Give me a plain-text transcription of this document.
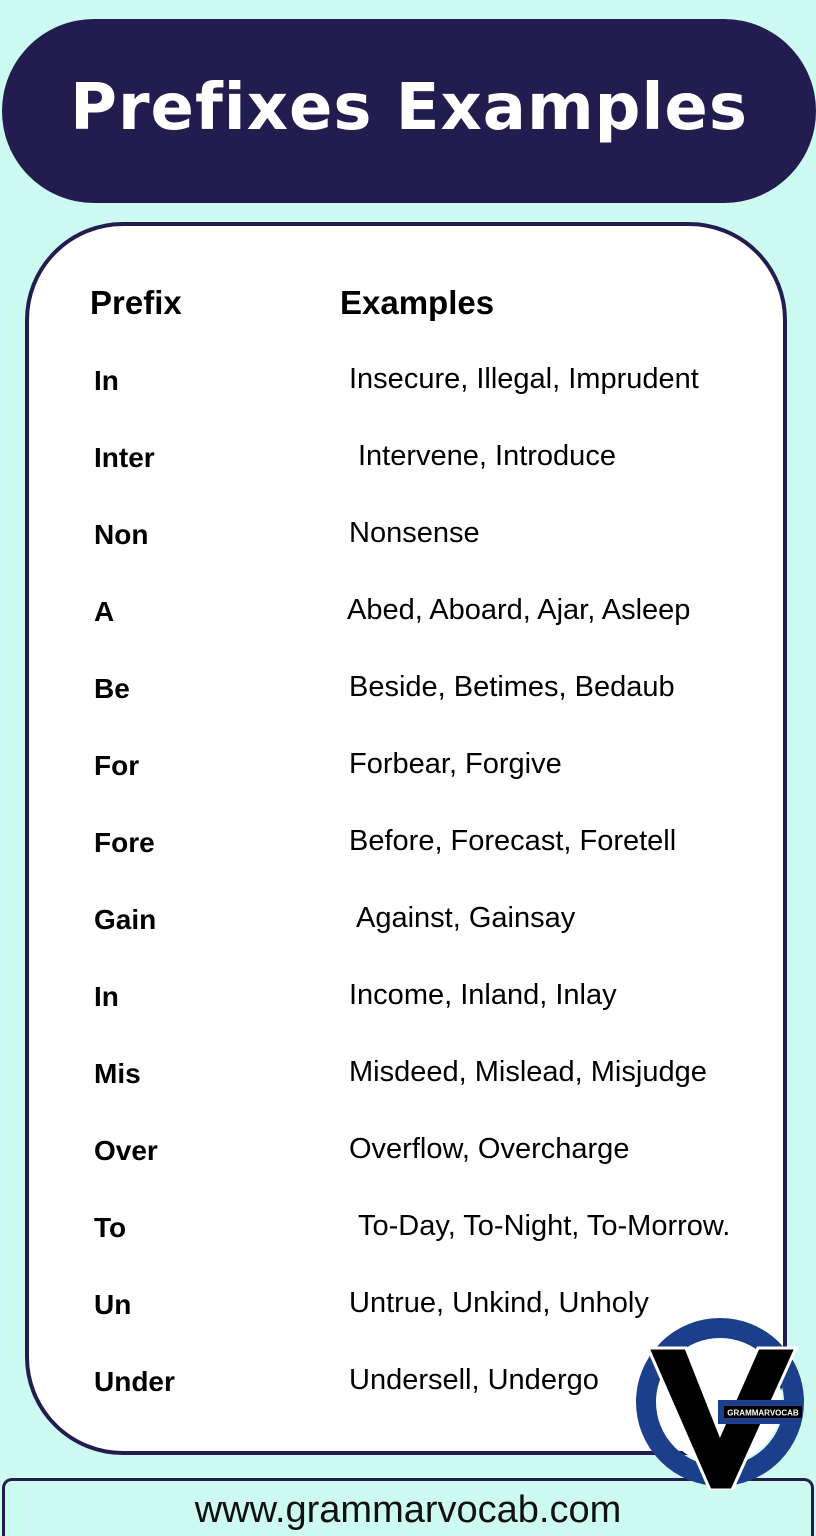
Prefixes Examples
Prefix	Examples
In	Insecure, Illegal, Imprudent
Inter	Intervene, Introduce
Non	Nonsense
A	Abed, Aboard, Ajar, Asleep
Be	Beside, Betimes, Bedaub
For	Forbear, Forgive
Fore	Before, Forecast, Foretell
Gain	Against, Gainsay
In	Income, Inland, Inlay
Mis	Misdeed, Mislead, Misjudge
Over	Overflow, Overcharge
To	To-Day, To-Night, To-Morrow.
Un	Untrue, Unkind, Unholy
Under	Undersell, Undergo
www.grammarvocab.com
GRAMMARVOCAB
